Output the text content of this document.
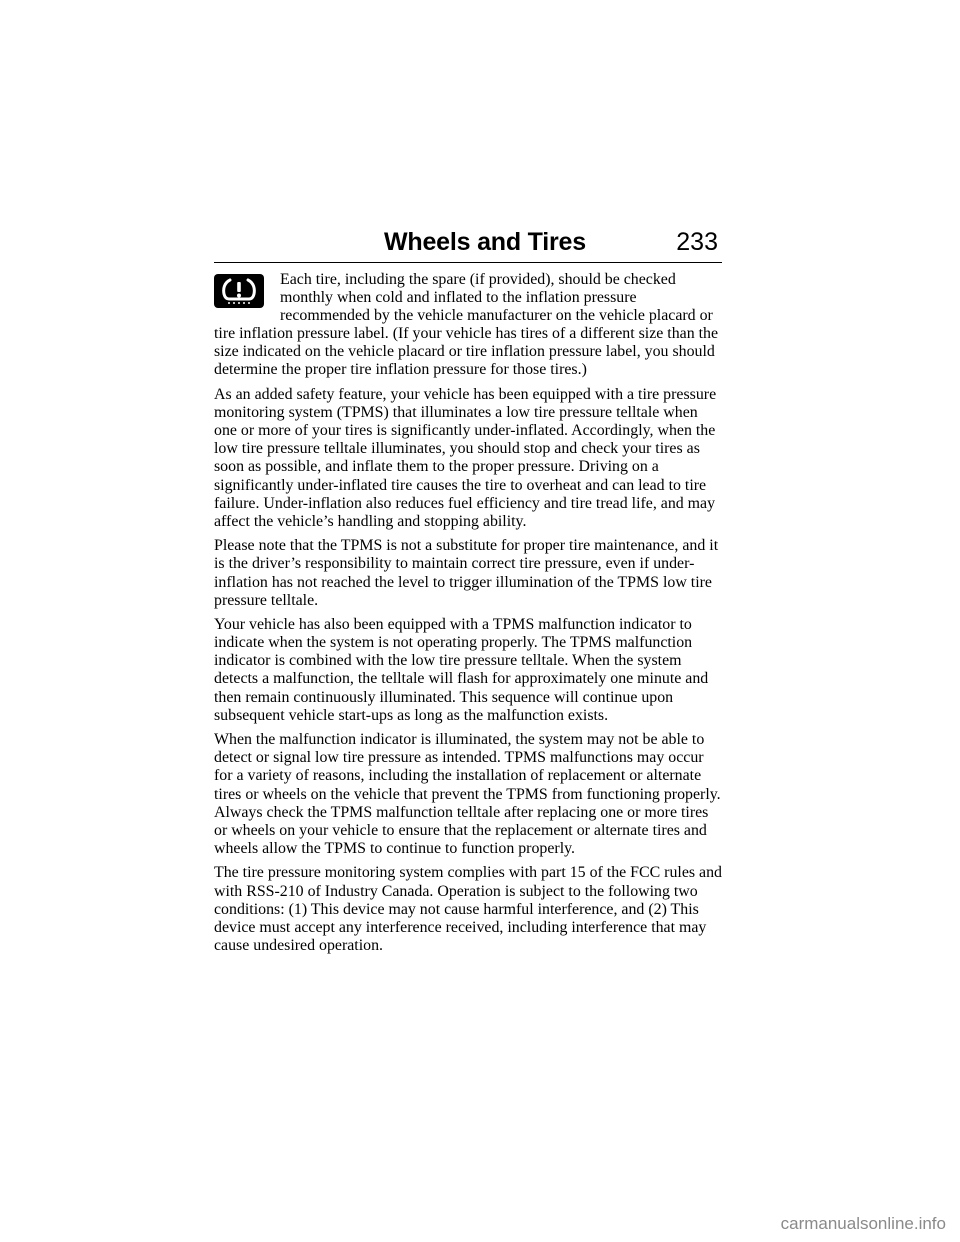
Wheels and Tires	233

Each tire, including the spare (if provided), should be checked monthly when cold and inflated to the inflation pressure recommended by the vehicle manufacturer on the vehicle placard or tire inflation pressure label. (If your vehicle has tires of a different size than the size indicated on the vehicle placard or tire inflation pressure label, you should determine the proper tire inflation pressure for those tires.)

As an added safety feature, your vehicle has been equipped with a tire pressure monitoring system (TPMS) that illuminates a low tire pressure telltale when one or more of your tires is significantly under-inflated. Accordingly, when the low tire pressure telltale illuminates, you should stop and check your tires as soon as possible, and inflate them to the proper pressure. Driving on a significantly under-inflated tire causes the tire to overheat and can lead to tire failure. Under-inflation also reduces fuel efficiency and tire tread life, and may affect the vehicle’s handling and stopping ability.

Please note that the TPMS is not a substitute for proper tire maintenance, and it is the driver’s responsibility to maintain correct tire pressure, even if under-inflation has not reached the level to trigger illumination of the TPMS low tire pressure telltale.

Your vehicle has also been equipped with a TPMS malfunction indicator to indicate when the system is not operating properly. The TPMS malfunction indicator is combined with the low tire pressure telltale. When the system detects a malfunction, the telltale will flash for approximately one minute and then remain continuously illuminated. This sequence will continue upon subsequent vehicle start-ups as long as the malfunction exists.

When the malfunction indicator is illuminated, the system may not be able to detect or signal low tire pressure as intended. TPMS malfunctions may occur for a variety of reasons, including the installation of replacement or alternate tires or wheels on the vehicle that prevent the TPMS from functioning properly. Always check the TPMS malfunction telltale after replacing one or more tires or wheels on your vehicle to ensure that the replacement or alternate tires and wheels allow the TPMS to continue to function properly.

The tire pressure monitoring system complies with part 15 of the FCC rules and with RSS-210 of Industry Canada. Operation is subject to the following two conditions: (1) This device may not cause harmful interference, and (2) This device must accept any interference received, including interference that may cause undesired operation.

carmanualsonline.info
